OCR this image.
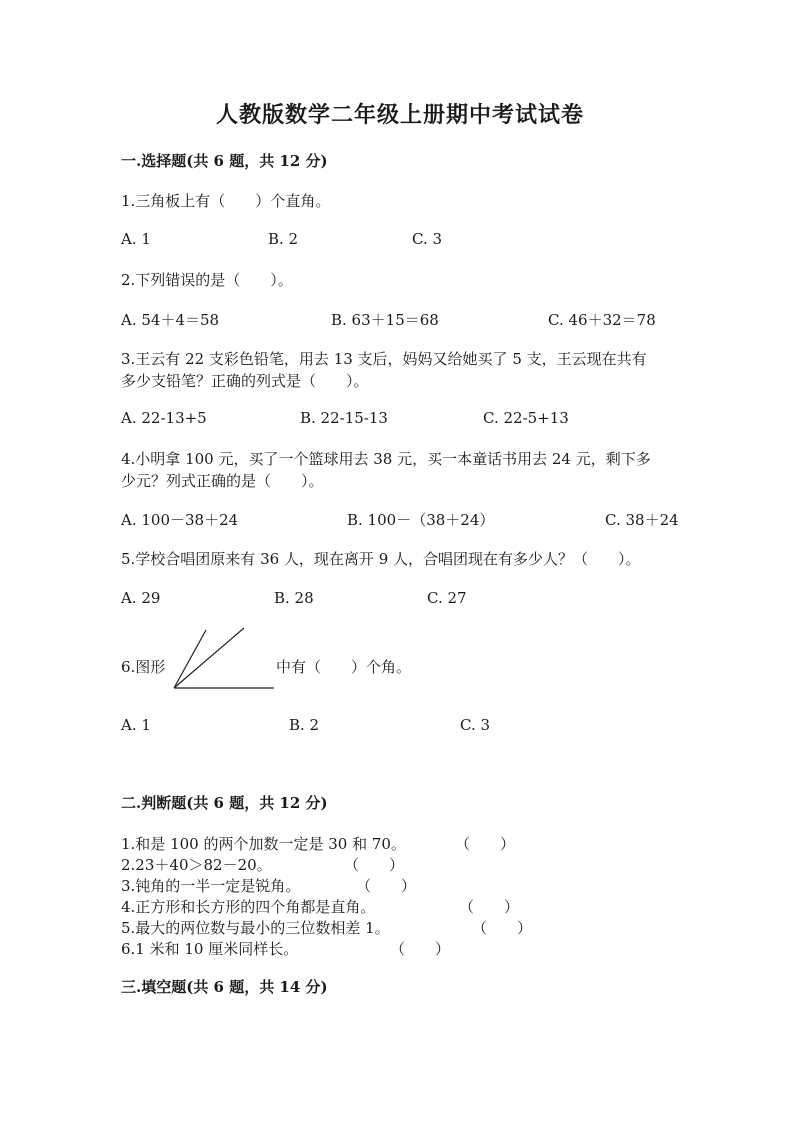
人教版数学二年级上册期中考试试卷
一.选择题(共 6 题，共 12 分)
1.三角板上有（　　）个直角。
A. 1	B. 2	C. 3
2.下列错误的是（　　）。
A. 54＋4＝58	B. 63＋15＝68	C. 46＋32＝78
3.王云有 22 支彩色铅笔，用去 13 支后，妈妈又给她买了 5 支，王云现在共有
多少支铅笔？正确的列式是（　　）。
A. 22-13+5	B. 22-15-13	C. 22-5+13
4.小明拿 100 元，买了一个篮球用去 38 元，买一本童话书用去 24 元，剩下多
少元？列式正确的是（　　）。
A. 100－38＋24	B. 100－（38＋24）	C. 38＋24
5.学校合唱团原来有 36 人，现在离开 9 人，合唱团现在有多少人？（　　）。
A. 29	B. 28	C. 27
6.图形	中有（　　）个角。
A. 1	B. 2	C. 3
二.判断题(共 6 题，共 12 分)
1.和是 100 的两个加数一定是 30 和 70。	（　　）
2.23＋40＞82－20。	（　　）
3.钝角的一半一定是锐角。	（　　）
4.正方形和长方形的四个角都是直角。	（　　）
5.最大的两位数与最小的三位数相差 1。	（　　）
6.1 米和 10 厘米同样长。	（　　）
三.填空题(共 6 题，共 14 分)
